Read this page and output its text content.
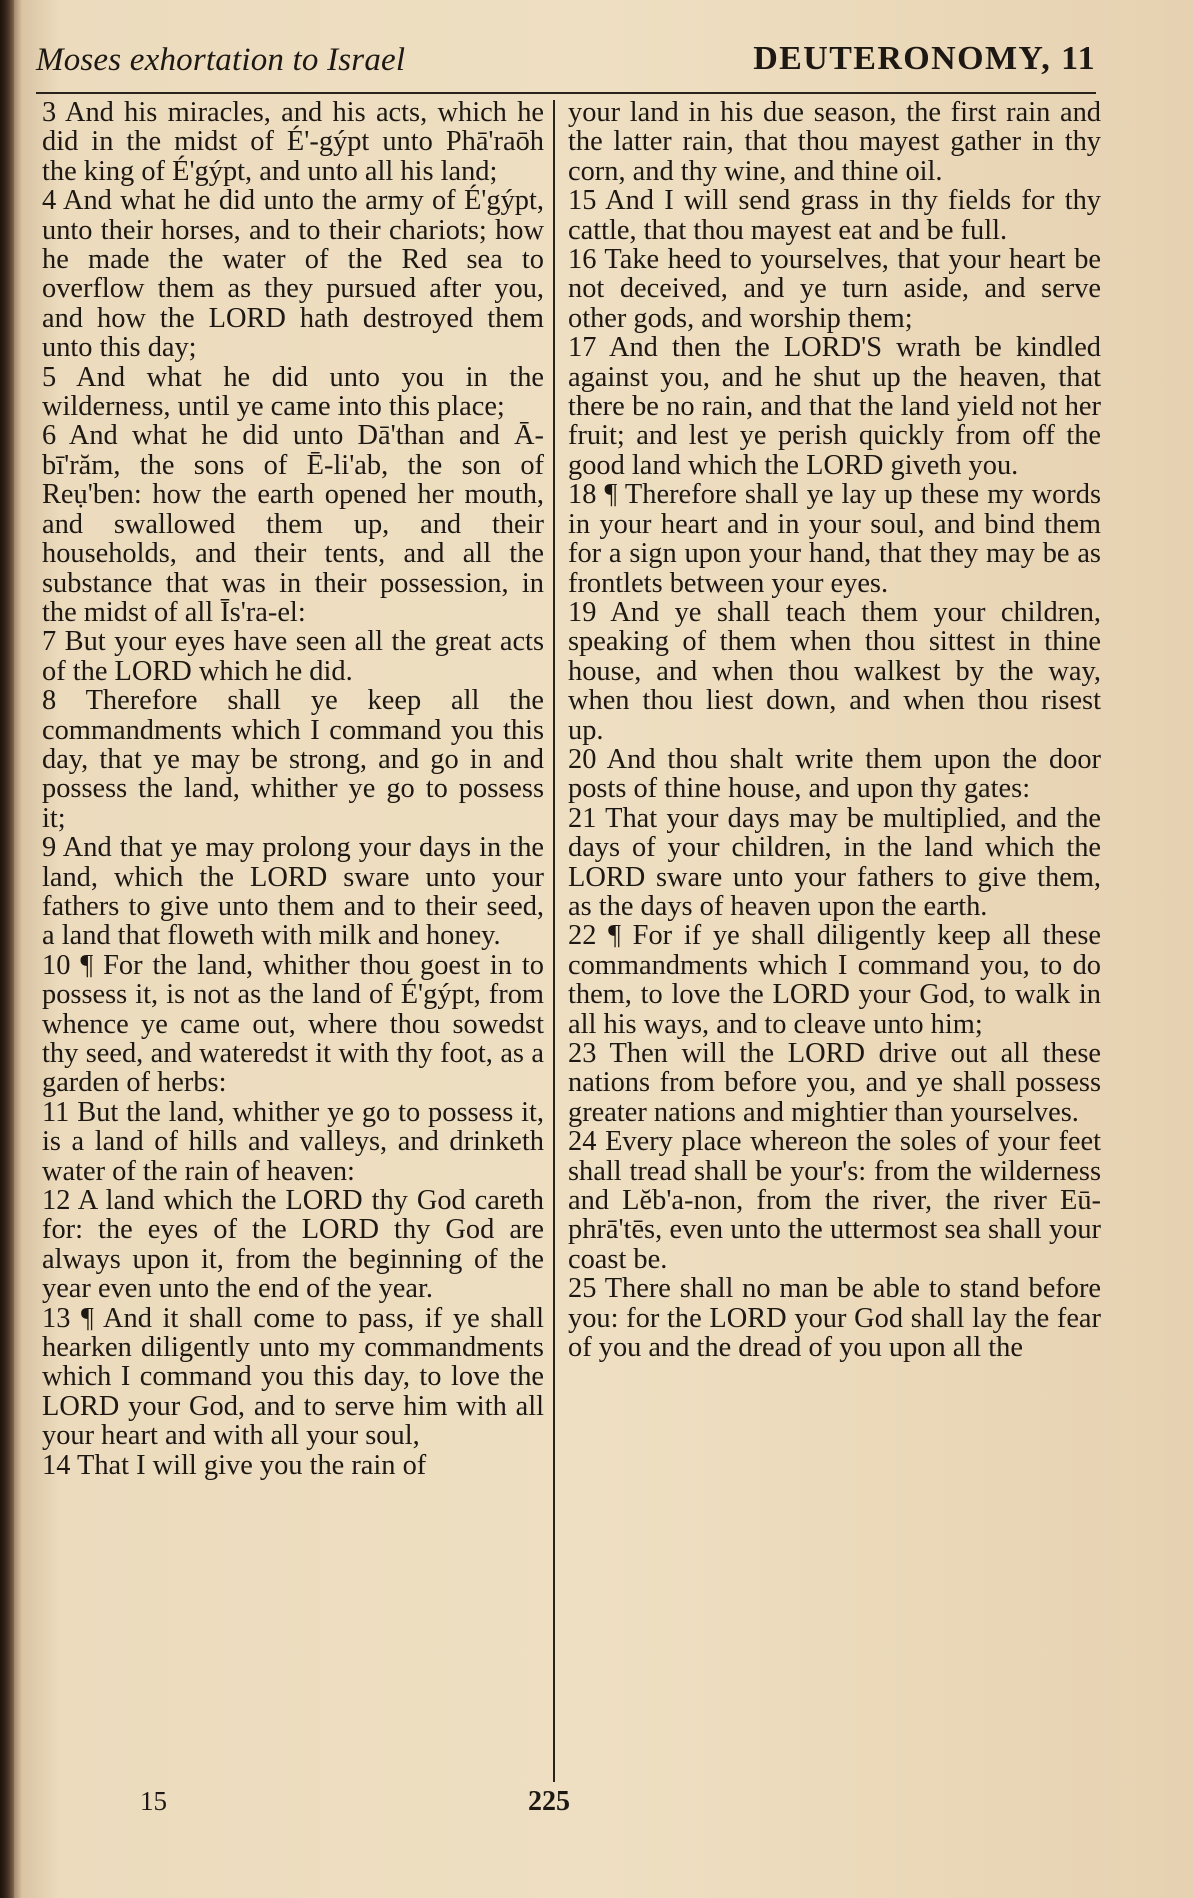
Moses exhortation to Israel	DEUTERONOMY, 11

3 And his miracles, and his acts, which he did in the midst of É'-gýpt unto Phā'raōh the king of É'gýpt, and unto all his land;

4 And what he did unto the army of É'gýpt, unto their horses, and to their chariots; how he made the water of the Red sea to overflow them as they pursued after you, and how the LORD hath destroyed them unto this day;

5 And what he did unto you in the wilderness, until ye came into this place;

6 And what he did unto Dā'than and Ā-bī'răm, the sons of Ē-li'ab, the son of Reụ'ben: how the earth opened her mouth, and swallowed them up, and their households, and their tents, and all the substance that was in their possession, in the midst of all Īs'ra-el:

7 But your eyes have seen all the great acts of the LORD which he did.

8 Therefore shall ye keep all the commandments which I command you this day, that ye may be strong, and go in and possess the land, whither ye go to possess it;

9 And that ye may prolong your days in the land, which the LORD sware unto your fathers to give unto them and to their seed, a land that floweth with milk and honey.

10 ¶ For the land, whither thou goest in to possess it, is not as the land of É'gýpt, from whence ye came out, where thou sowedst thy seed, and wateredst it with thy foot, as a garden of herbs:

11 But the land, whither ye go to possess it, is a land of hills and valleys, and drinketh water of the rain of heaven:

12 A land which the LORD thy God careth for: the eyes of the LORD thy God are always upon it, from the beginning of the year even unto the end of the year.

13 ¶ And it shall come to pass, if ye shall hearken diligently unto my commandments which I command you this day, to love the LORD your God, and to serve him with all your heart and with all your soul,

14 That I will give you the rain of

your land in his due season, the first rain and the latter rain, that thou mayest gather in thy corn, and thy wine, and thine oil.

15 And I will send grass in thy fields for thy cattle, that thou mayest eat and be full.

16 Take heed to yourselves, that your heart be not deceived, and ye turn aside, and serve other gods, and worship them;

17 And then the LORD'S wrath be kindled against you, and he shut up the heaven, that there be no rain, and that the land yield not her fruit; and lest ye perish quickly from off the good land which the LORD giveth you.

18 ¶ Therefore shall ye lay up these my words in your heart and in your soul, and bind them for a sign upon your hand, that they may be as frontlets between your eyes.

19 And ye shall teach them your children, speaking of them when thou sittest in thine house, and when thou walkest by the way, when thou liest down, and when thou risest up.

20 And thou shalt write them upon the door posts of thine house, and upon thy gates:

21 That your days may be multiplied, and the days of your children, in the land which the LORD sware unto your fathers to give them, as the days of heaven upon the earth.

22 ¶ For if ye shall diligently keep all these commandments which I command you, to do them, to love the LORD your God, to walk in all his ways, and to cleave unto him;

23 Then will the LORD drive out all these nations from before you, and ye shall possess greater nations and mightier than yourselves.

24 Every place whereon the soles of your feet shall tread shall be your's: from the wilderness and Lĕb'a-non, from the river, the river Eū-phrā'tēs, even unto the uttermost sea shall your coast be.

25 There shall no man be able to stand before you: for the LORD your God shall lay the fear of you and the dread of you upon all the

15	225
